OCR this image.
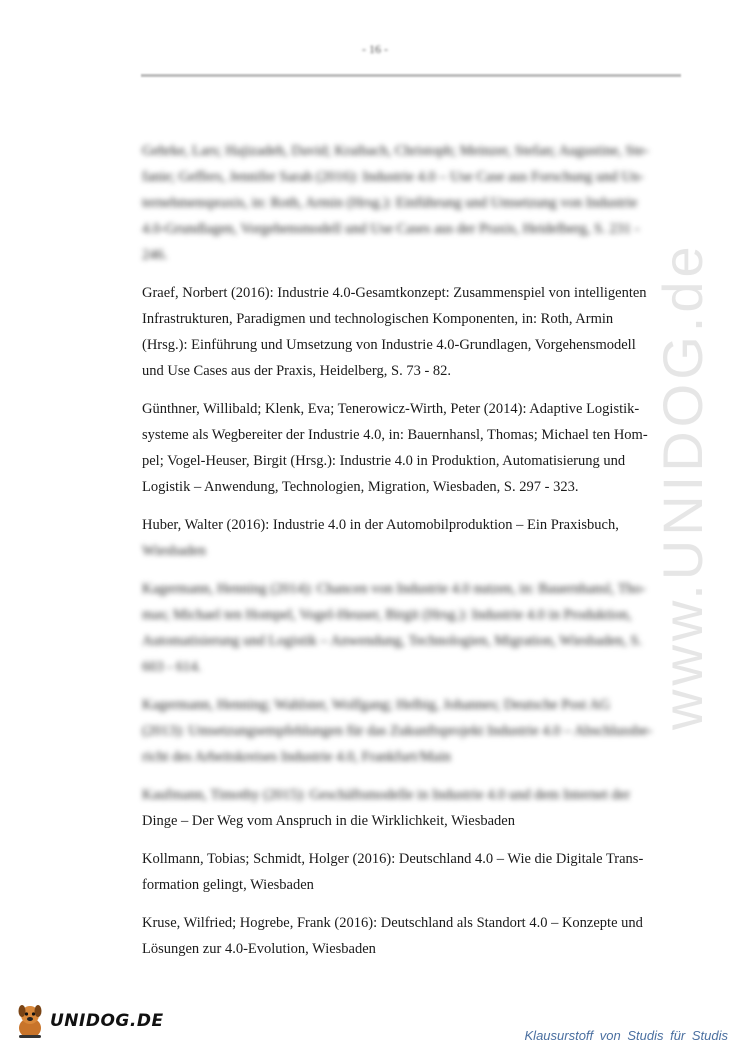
- 16 -

Gehrke, Lars; Hajizadeh, David; Kraibach, Christoph; Meinzer, Stefan; Augustine, Ste-
fanie; Geffers, Jennifer Sarah (2016): Industrie 4.0 – Use Case aus Forschung und Un-
ternehmenspraxis, in: Roth, Armin (Hrsg.): Einführung und Umsetzung von Industrie
4.0-Grundlagen, Vorgehensmodell und Use Cases aus der Praxis, Heidelberg, S. 231 -
246.

Graef, Norbert (2016): Industrie 4.0-Gesamtkonzept: Zusammenspiel von intelligenten
Infrastrukturen, Paradigmen und technologischen Komponenten, in: Roth, Armin
(Hrsg.): Einführung und Umsetzung von Industrie 4.0-Grundlagen, Vorgehensmodell
und Use Cases aus der Praxis, Heidelberg, S. 73 - 82.

Günthner, Willibald; Klenk, Eva; Tenerowicz-Wirth, Peter (2014): Adaptive Logistik-
systeme als Wegbereiter der Industrie 4.0, in: Bauernhansl, Thomas; Michael ten Hom-
pel; Vogel-Heuser, Birgit (Hrsg.): Industrie 4.0 in Produktion, Automatisierung und
Logistik – Anwendung, Technologien, Migration, Wiesbaden, S. 297 - 323.

Huber, Walter (2016): Industrie 4.0 in der Automobilproduktion – Ein Praxisbuch,
Wiesbaden

Kagermann, Henning (2014): Chancen von Industrie 4.0 nutzen, in: Bauernhansl, Tho-
mas; Michael ten Hompel, Vogel-Heuser, Birgit (Hrsg.): Industrie 4.0 in Produktion,
Automatisierung und Logistik – Anwendung, Technologien, Migration, Wiesbaden, S.
603 - 614.

Kagermann, Henning; Wahlster, Wolfgang; Helbig, Johannes; Deutsche Post AG
(2013): Umsetzungsempfehlungen für das Zukunftsprojekt Industrie 4.0 – Abschlussbe-
richt des Arbeitskreises Industrie 4.0, Frankfurt/Main

Kaufmann, Timothy (2015): Geschäftsmodelle in Industrie 4.0 und dem Internet der
Dinge – Der Weg vom Anspruch in die Wirklichkeit, Wiesbaden

Kollmann, Tobias; Schmidt, Holger (2016): Deutschland 4.0 – Wie die Digitale Trans-
formation gelingt, Wiesbaden

Kruse, Wilfried; Hogrebe, Frank (2016): Deutschland als Standort 4.0 – Konzepte und
Lösungen zur 4.0-Evolution, Wiesbaden

www.UNIDOG.de
UNIDOG.DE
Klausurstoff von Studis für Studis
